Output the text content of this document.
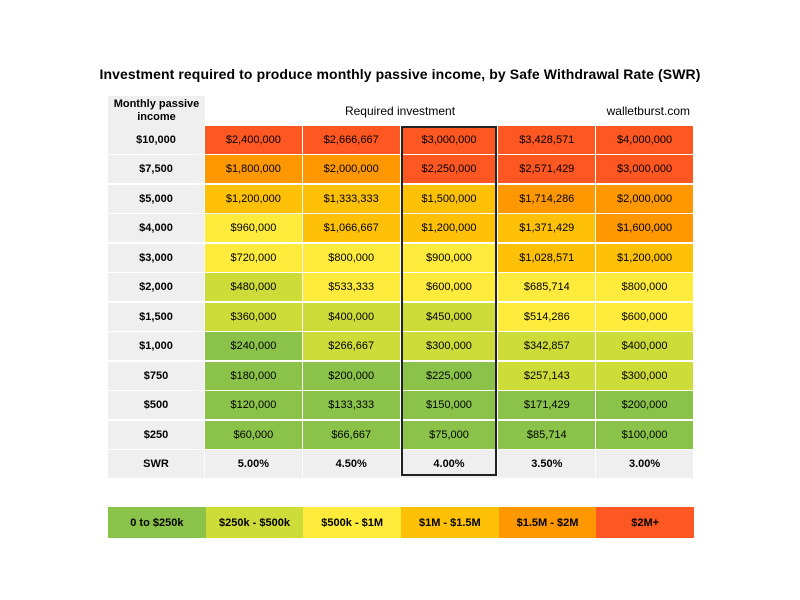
Investment required to produce monthly passive income, by Safe Withdrawal Rate (SWR)
Monthly passive income	Required investment	walletburst.com
$10,000	$2,400,000	$2,666,667	$3,000,000	$3,428,571	$4,000,000
$7,500	$1,800,000	$2,000,000	$2,250,000	$2,571,429	$3,000,000
$5,000	$1,200,000	$1,333,333	$1,500,000	$1,714,286	$2,000,000
$4,000	$960,000	$1,066,667	$1,200,000	$1,371,429	$1,600,000
$3,000	$720,000	$800,000	$900,000	$1,028,571	$1,200,000
$2,000	$480,000	$533,333	$600,000	$685,714	$800,000
$1,500	$360,000	$400,000	$450,000	$514,286	$600,000
$1,000	$240,000	$266,667	$300,000	$342,857	$400,000
$750	$180,000	$200,000	$225,000	$257,143	$300,000
$500	$120,000	$133,333	$150,000	$171,429	$200,000
$250	$60,000	$66,667	$75,000	$85,714	$100,000
SWR	5.00%	4.50%	4.00%	3.50%	3.00%
0 to $250k	$250k - $500k	$500k - $1M	$1M - $1.5M	$1.5M - $2M	$2M+
